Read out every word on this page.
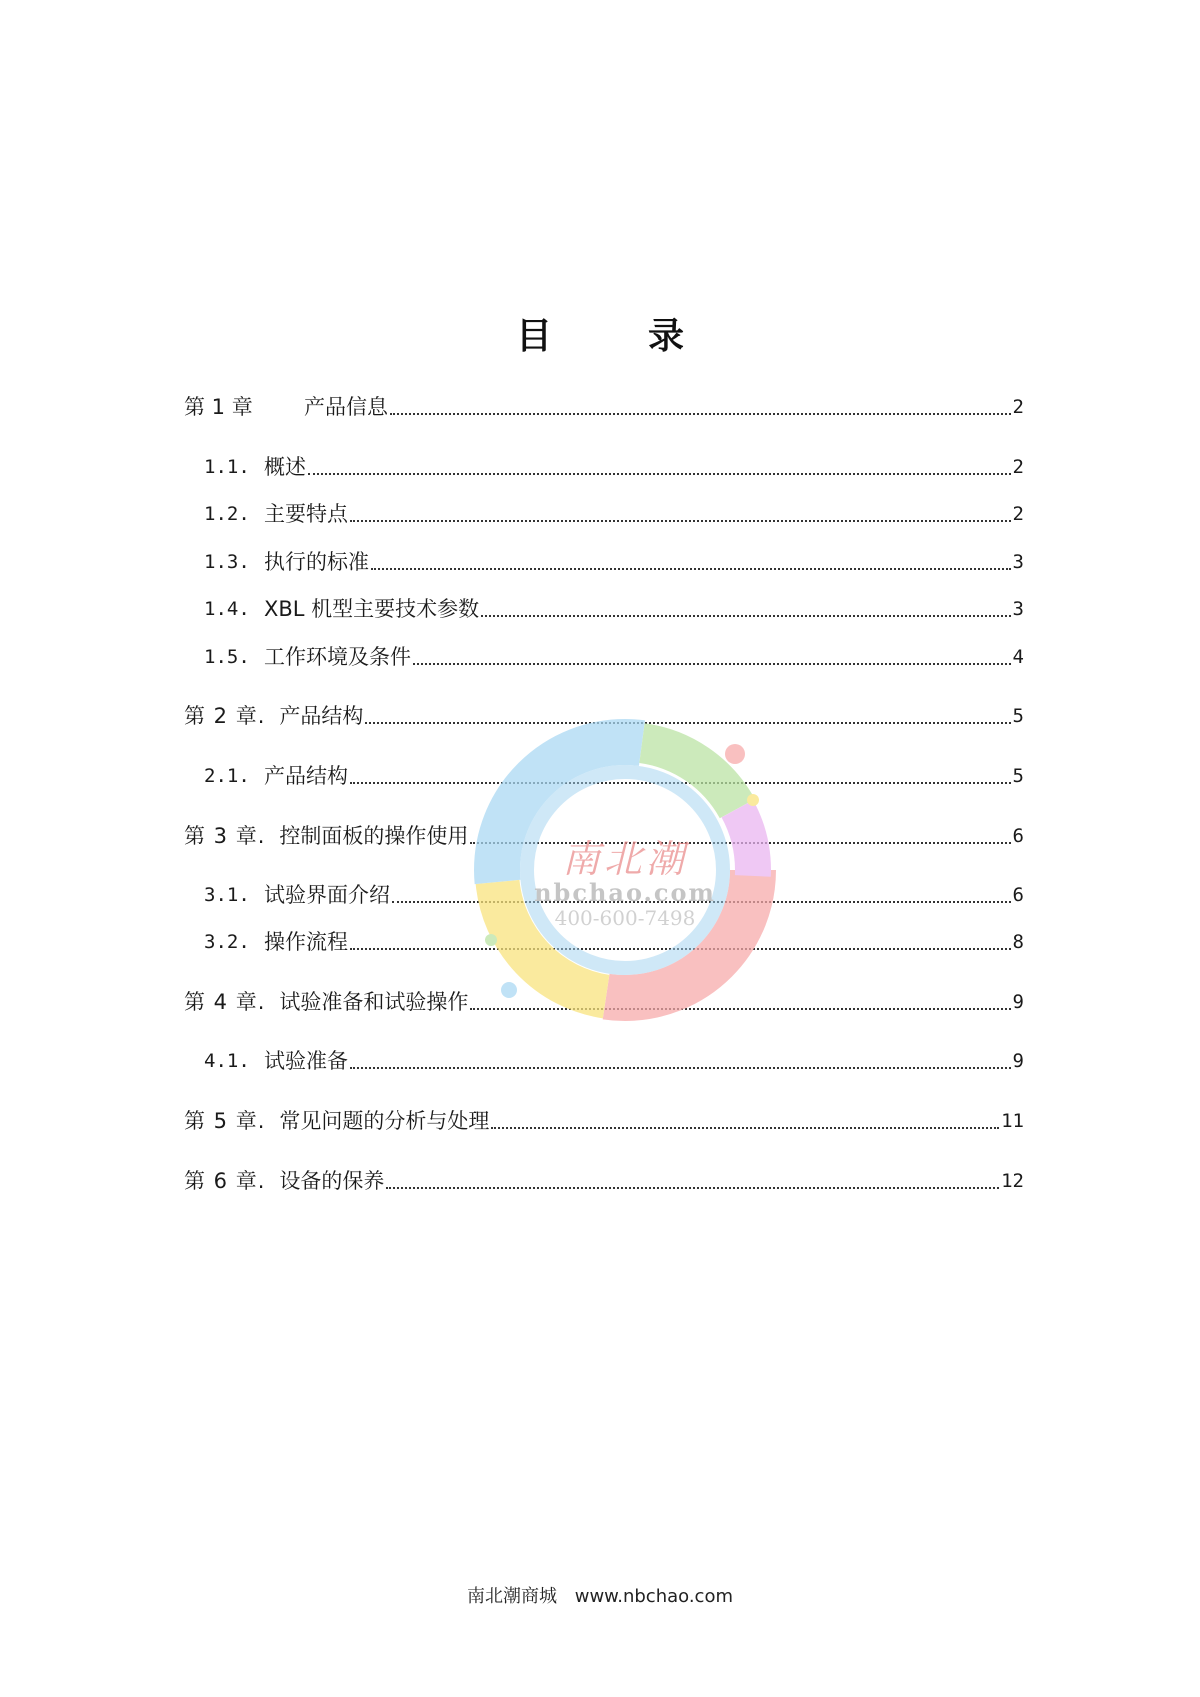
目　录
第 1 章	产品信息	2
1.1. 概述	2
1.2. 主要特点	2
1.3. 执行的标准	3
1.4. XBL 机型主要技术参数	3
1.5. 工作环境及条件	4
第 2 章. 产品结构	5
2.1. 产品结构	5
第 3 章. 控制面板的操作使用	6
3.1. 试验界面介绍	6
3.2. 操作流程	8
第 4 章. 试验准备和试验操作	9
4.1. 试验准备	9
第 5 章. 常见问题的分析与处理	11
第 6 章. 设备的保养	12
南北潮
nbchao.com
400-600-7498
南北潮商城 www.nbchao.com
